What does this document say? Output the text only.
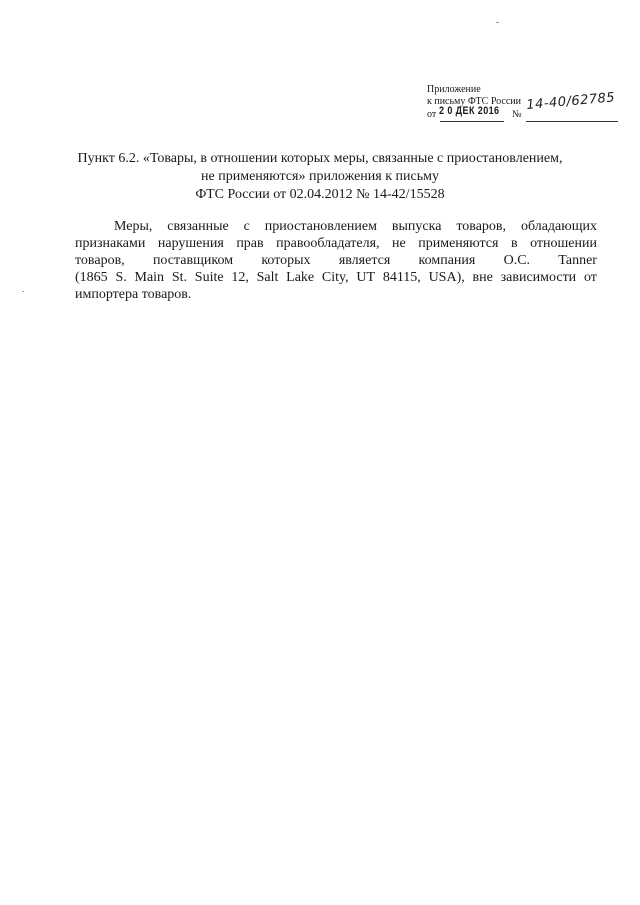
Приложение
к письму ФТС России
от 2 0 ДЕК 2016 №
14-40/62785
Пункт 6.2. «Товары, в отношении которых меры, связанные с приостановлением,
не применяются» приложения к письму
ФТС России от 02.04.2012 № 14-42/15528
Меры, связанные с приостановлением выпуска товаров, обладающих
признаками нарушения прав правообладателя, не применяются в отношении
товаров, поставщиком которых является компания O.C. Tanner
(1865 S. Main St. Suite 12, Salt Lake City, UT 84115, USA), вне зависимости от
импортера товаров.
